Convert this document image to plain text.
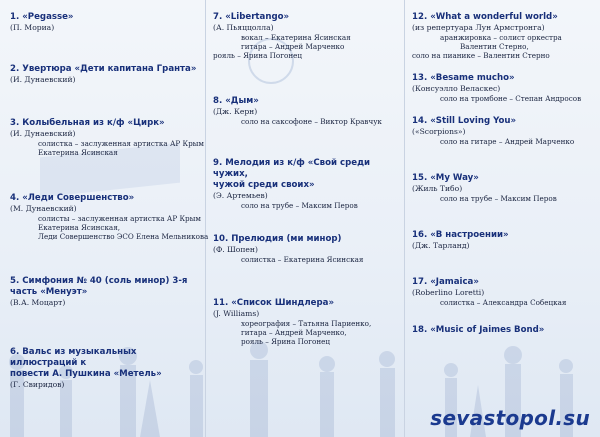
1. «Pegasse»

(П. Мориа)

2. Увертюра «Дети капитана Гранта»

(И. Дунаевский)

3. Колыбельная из к/ф «Цирк»

(И. Дунаевский)

солистка – заслуженная артистка АР Крым

Екатерина Ясинская

4. «Леди Совершенство»

(М. Дунаевский)

солисты – заслуженная артистка АР Крым

Екатерина Ясинская,

Леди Совершенство ЭСО Елена Мельникова

5. Симфония № 40 (соль минор) 3-я
часть «Менуэт»

(В.А. Моцарт)

6. Вальс из музыкальных иллюстраций к
повести А. Пушкина «Метель»

(Г. Свиридов)

7. «Libertango»

(А. Пьяццолла)

вокал – Екатерина Ясинская

гитара – Андрей Марченко

рояль – Ярина Погонец

8. «Дым»

(Дж. Керн)

соло на саксофоне – Виктор Кравчук

9. Мелодия из к/ф «Свой среди чужих,
чужой среди своих»

(Э. Артемьев)

соло на трубе – Максим Перов

10. Прелюдия (ми минор)

(Ф. Шопен)

солистка – Екатерина Ясинская

11. «Список Шиндлера»

(J. Williams)

хореография – Татьяна Париенко,

гитара – Андрей Марченко,

рояль – Ярина Погонец

12. «What a wonderful world»

(из репертуара Лун Армстронга)

аранжировка – солист оркестра

Валентин Стерно,

соло на пианике – Валентин Стерно

13. «Besame mucho»

(Консуэлло Веласкес)

соло на тромбоне – Степан Андросов

14. «Still Loving You»

(«Scorpions»)

соло на гитаре – Андрей Марченко

15. «My Way»

(Жиль Тибо)

соло на трубе – Максим Перов

16. «В настроении»

(Дж. Тарланд)

17. «Jamaica»

(Roberlino Loretti)

солистка – Александра Собецкая

18. «Music of Jaimes Bond»

sevastopol.su
